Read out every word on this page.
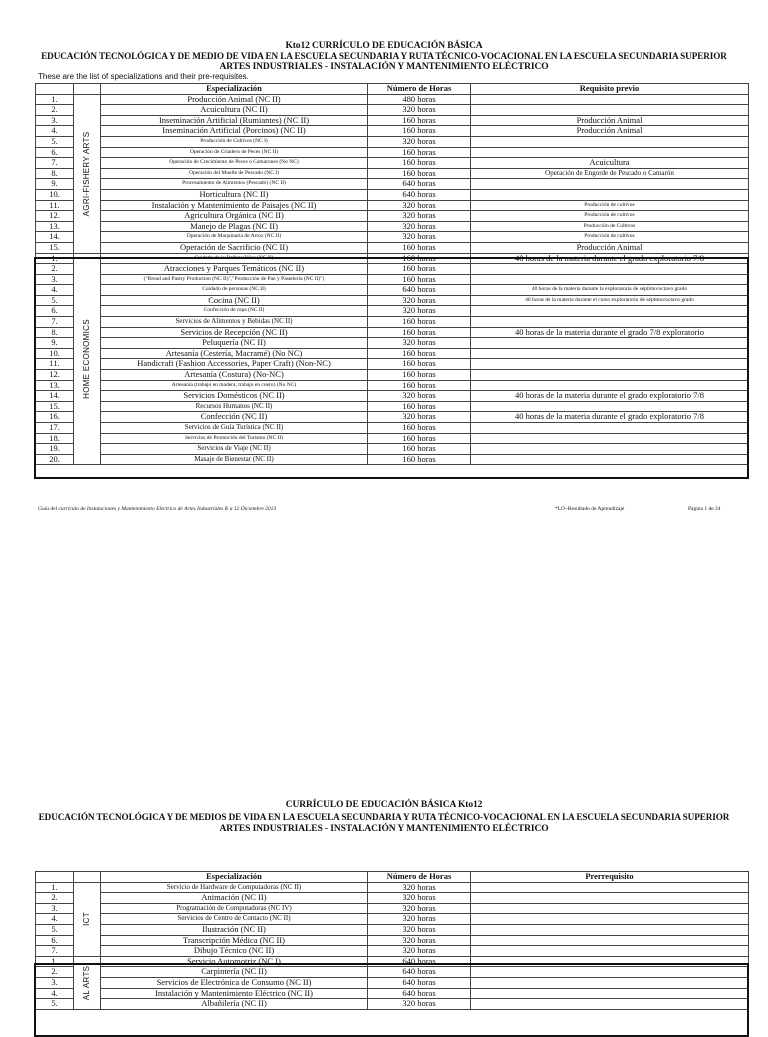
Kto12 CURRÍCULO DE EDUCACIÓN BÁSICA
EDUCACIÓN TECNOLÓGICA Y DE MEDIO DE VIDA EN LA ESCUELA SECUNDARIA Y RUTA TÉCNICO-VOCACIONAL EN LA ESCUELA SECUNDARIA SUPERIOR
ARTES INDUSTRIALES - INSTALACIÓN Y MANTENIMIENTO ELÉCTRICO
These are the list of specializations and their pre-requisites.
		Especialización	Número de Horas	Requisito previo
1.	AGRI-FISHERY ARTS	Producción Animal (NC II)	480 horas	
2.		Acuicultura (NC II)	320 horas	
3.		Inseminación Artificial (Rumiantes) (NC II)	160 horas	Producción Animal
4.		Inseminación Artificial (Porcinos) (NC II)	160 horas	Producción Animal
5.		Producción de Cultivos (NC I)	320 horas	
6.		Operación de Criadero de Peces (NC II)	160 horas	
7.		Operación de Crecimiento de Peces o Camarones (No NC)	160 horas	Acuicultura
8.		Operación del Muelle de Pescado (NC I)	160 horas	Operación de Engorde de Pescado o Camarón
9.		Procesamiento de Alimentos (Pescado) (NC II)	640 horas	
10.		Horticultura (NC II)	640 horas	
11.		Instalación y Mantenimiento de Paisajes (NC II)	320 horas	Producción de cultivos
12.		Agricultura Orgánica (NC II)	320 horas	Producción de cultivos
13.		Manejo de Plagas (NC II)	320 horas	Producción de Cultivos
14.		Operación de Maquinaria de Arroz (NC II)	320 horas	Producción de cultivos
15.		Operación de Sacrificio (NC II)	160 horas	Producción Animal
1.	HOME ECONOMICS	Cuidado de la Belleza/Uñas (NC II)	160 horas	40 horas de la materia durante el grado exploratorio 7/8
2.		Atracciones y Parques Temáticos (NC II)	160 horas	
3.		("Bread and Pastry Production (NC II)","Producción de Pan y Pastelería (NC II)")	160 horas	
4.		Cuidado de personas (NC II)	640 horas	40 horas de la materia durante la exploratoria de séptimo/octavo grado
5.		Cocina (NC II)	320 horas	40 horas de la materia durante el curso exploratorio de séptimo/octavo grado
6.		Confección de ropa (NC II)	320 horas	
7.		Servicios de Alimentos y Bebidas (NC II)	160 horas	
8.		Servicios de Recepción (NC II)	160 horas	40 horas de la materia durante el grado 7/8 exploratorio
9.		Peluquería (NC II)	320 horas	
10.		Artesanía (Cestería, Macramé) (No NC)	160 horas	
11.		Handicraft (Fashion Accessories, Paper Craft) (Non-NC)	160 horas	
12.		Artesanía (Costura) (No-NC)	160 horas	
13.		Artesanía (trabajo en madera, trabajo en cuero) (No NC)	160 horas	
14.		Servicios Domésticos (NC II)	320 horas	40 horas de la materia durante el grado exploratorio 7/8
15.		Recursos Humanos (NC II)	160 horas	
16.		Confección (NC II)	320 horas	40 horas de la materia durante el grado exploratorio 7/8
17.		Servicios de Guía Turística (NC II)	160 horas	
18.		Servicios de Promoción del Turismo (NC II)	160 horas	
19.		Servicios de Viaje (NC II)	160 horas	
20.		Masaje de Bienestar (NC II)	160 horas	
Guía del currículo de Instalaciones y Mantenimiento Eléctrico de Artes Industriales K a 12 Diciembre 2013	*LO–Resultado de Aprendizaje	Página 1 de 24
CURRÍCULO DE EDUCACIÓN BÁSICA Kto12
EDUCACIÓN TECNOLÓGICA Y DE MEDIOS DE VIDA EN LA ESCUELA SECUNDARIA Y RUTA TÉCNICO-VOCACIONAL EN LA ESCUELA SECUNDARIA SUPERIOR
ARTES INDUSTRIALES - INSTALACIÓN Y MANTENIMIENTO ELÉCTRICO
		Especialización	Número de Horas	Prerrequisito
1.	ICT	Servicio de Hardware de Computadoras (NC II)	320 horas	
2.		Animación (NC II)	320 horas	
3.		Programación de Computadoras (NC IV)	320 horas	
4.		Servicios de Centro de Contacto (NC II)	320 horas	
5.		Ilustración (NC II)	320 horas	
6.		Transcripción Médica (NC II)	320 horas	
7.		Dibujo Técnico (NC II)	320 horas	
1.	AL ARTS	Servicio Automotriz (NC I)	640 horas	
2.		Carpintería (NC II)	640 horas	
3.		Servicios de Electrónica de Consumo (NC II)	640 horas	
4.		Instalación y Mantenimiento Eléctrico (NC II)	640 horas	
5.		Albañilería (NC II)	320 horas	
